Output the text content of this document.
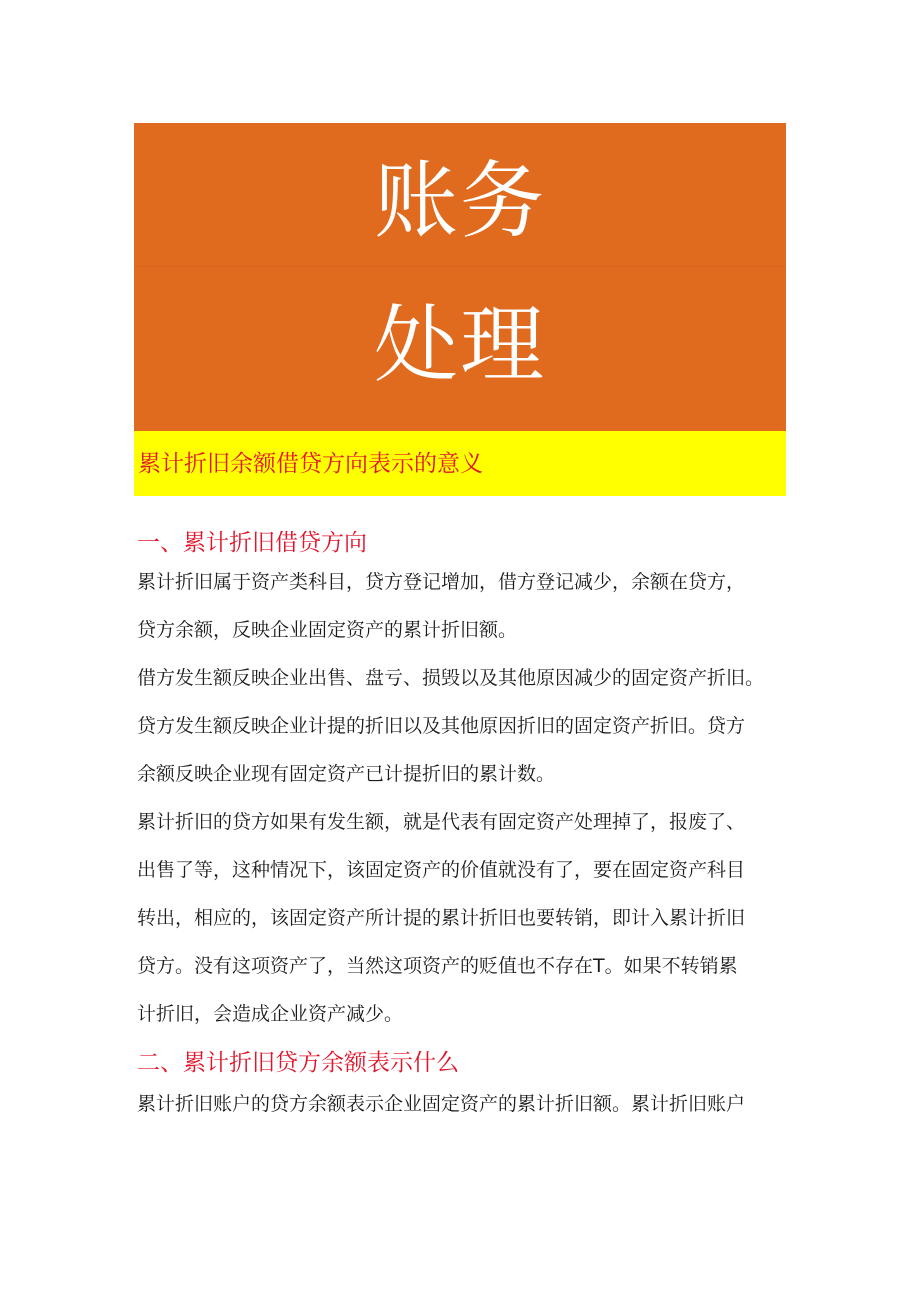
账务
处理
累计折旧余额借贷方向表示的意义

一、累计折旧借贷方向

累计折旧属于资产类科目，贷方登记增加，借方登记减少，余额在贷方，

贷方余额，反映企业固定资产的累计折旧额。

借方发生额反映企业出售、盘亏、损毁以及其他原因减少的固定资产折旧。

贷方发生额反映企业计提的折旧以及其他原因折旧的固定资产折旧。贷方

余额反映企业现有固定资产已计提折旧的累计数。

累计折旧的贷方如果有发生额，就是代表有固定资产处理掉了，报废了、

出售了等，这种情况下，该固定资产的价值就没有了，要在固定资产科目

转出，相应的，该固定资产所计提的累计折旧也要转销，即计入累计折旧

贷方。没有这项资产了，当然这项资产的贬值也不存在T。如果不转销累

计折旧，会造成企业资产减少。

二、累计折旧贷方余额表示什么

累计折旧账户的贷方余额表示企业固定资产的累计折旧额。累计折旧账户
